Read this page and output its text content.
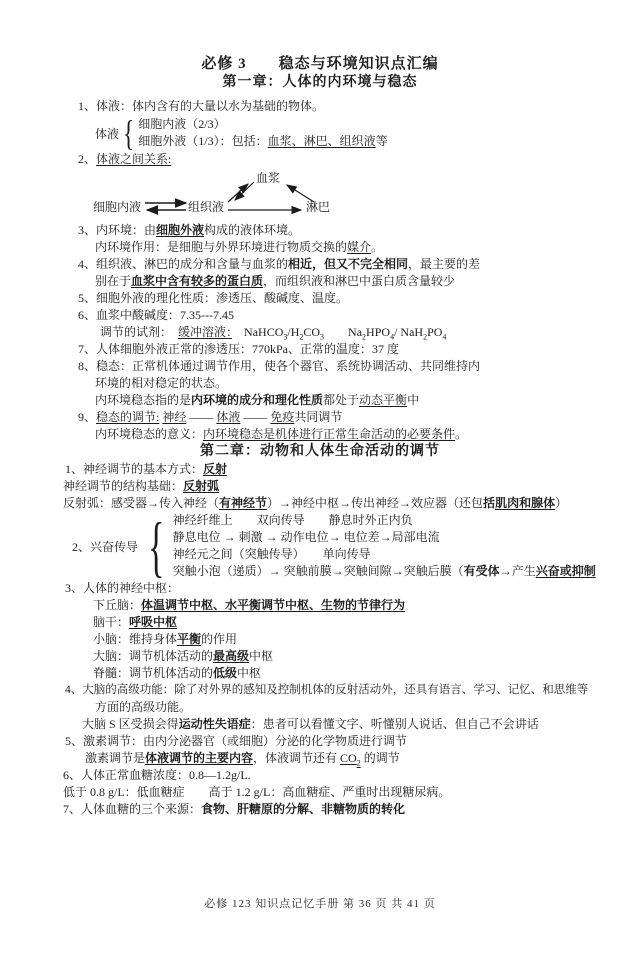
必修 3　　稳态与环境知识点汇编
第一章：人体的内环境与稳态
1、体液：体内含有的大量以水为基础的物体。
体液 { 细胞内液（2/3）
细胞外液（1/3）：包括：血浆、淋巴、组织液等
2、体液之间关系:
血浆
细胞内液	组织液	淋巴
3、内环境：由细胞外液构成的液体环境。
内环境作用：是细胞与外界环境进行物质交换的媒介。
4、组织液、淋巴的成分和含量与血浆的相近，但又不完全相同，最主要的差
别在于血浆中含有较多的蛋白质，而组织液和淋巴中蛋白质含量较少
5、细胞外液的理化性质：渗透压、酸碱度、温度。
6、血浆中酸碱度：7.35---7.45
调节的试剂：　缓冲溶液：　$NaHCO_3/H_2CO_3$　　$Na_2HPO_4/$ $NaH_2PO_4$
7、人体细胞外液正常的渗透压：770kPa、正常的温度：37 度
8、稳态：正常机体通过调节作用，使各个器官、系统协调活动、共同维持内
环境的相对稳定的状态。
内环境稳态指的是内环境的成分和理化性质都处于动态平衡中
9、稳态的调节: 神经 —— 体液 —— 免疫共同调节
内环境稳态的意义：内环境稳态是机体进行正常生命活动的必要条件。
第二章：动物和人体生命活动的调节
1、神经调节的基本方式：反射
神经调节的结构基础：反射弧
反射弧：感受器→传入神经（有神经节）→神经中枢→传出神经→效应器（还包括肌肉和腺体）
2、兴奋传导 { 神经纤维上　　双向传导　　静息时外正内负
静息电位 → 刺激 → 动作电位→ 电位差→局部电流
神经元之间（突触传导）　　单向传导
突触小泡（递质）→ 突触前膜→突触间隙→突触后膜（有受体→产生兴奋或抑制
3、人体的神经中枢：
下丘脑：体温调节中枢、水平衡调节中枢、生物的节律行为
脑干：呼吸中枢
小脑：维持身体平衡的作用
大脑：调节机体活动的最高级中枢
脊髓：调节机体活动的低级中枢
4、大脑的高级功能：除了对外界的感知及控制机体的反射活动外，还具有语言、学习、记忆、和思维等
方面的高级功能。
大脑 S 区受损会得运动性失语症：患者可以看懂文字、听懂别人说话、但自己不会讲话
5、激素调节：由内分泌器官（或细胞）分泌的化学物质进行调节
激素调节是体液调节的主要内容，体液调节还有 $CO_2$ 的调节
6、人体正常血糖浓度：0.8—1.2g/L.
低于 0.8 g/L：低血糖症　　高于 1.2 g/L：高血糖症、严重时出现糖尿病。
7、人体血糖的三个来源：食物、肝糖原的分解、非糖物质的转化
必修 123 知识点记忆手册 第 36 页 共 41 页
